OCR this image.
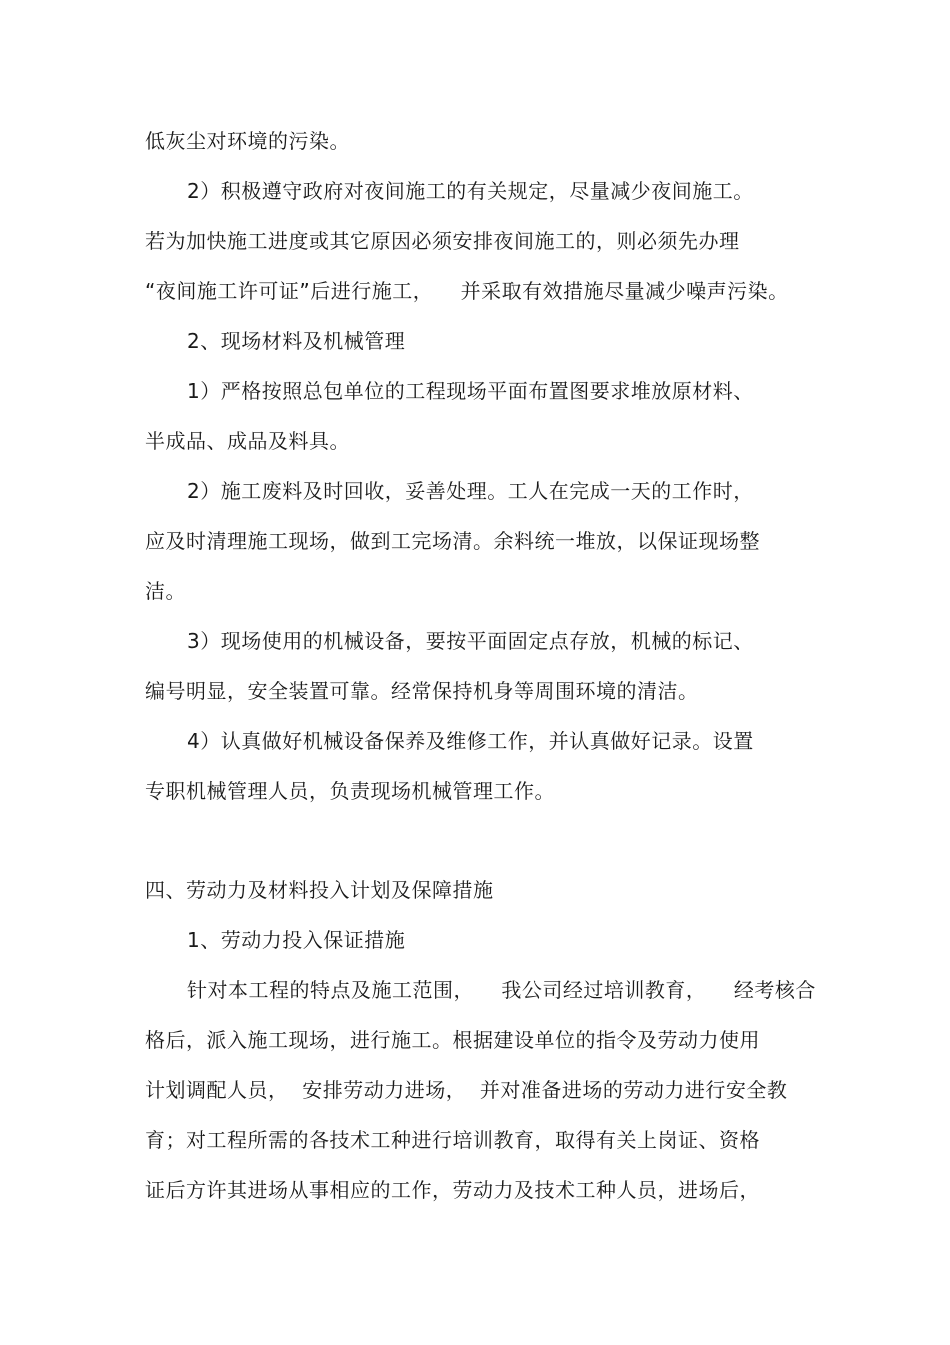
低灰尘对环境的污染。
2）积极遵守政府对夜间施工的有关规定，尽量减少夜间施工。
若为加快施工进度或其它原因必须安排夜间施工的，则必须先办理
“夜间施工许可证”后进行施工，    并采取有效措施尽量减少噪声污染。
2、现场材料及机械管理
1）严格按照总包单位的工程现场平面布置图要求堆放原材料、
半成品、成品及料具。
2）施工废料及时回收，妥善处理。工人在完成一天的工作时，
应及时清理施工现场，做到工完场清。余料统一堆放，以保证现场整
洁。
3）现场使用的机械设备，要按平面固定点存放，机械的标记、
编号明显，安全装置可靠。经常保持机身等周围环境的清洁。
4）认真做好机械设备保养及维修工作，并认真做好记录。设置
专职机械管理人员，负责现场机械管理工作。
四、劳动力及材料投入计划及保障措施
1、劳动力投入保证措施
针对本工程的特点及施工范围，    我公司经过培训教育，    经考核合
格后，派入施工现场，进行施工。根据建设单位的指令及劳动力使用
计划调配人员，  安排劳动力进场，  并对准备进场的劳动力进行安全教
育；对工程所需的各技术工种进行培训教育，取得有关上岗证、资格
证后方许其进场从事相应的工作，劳动力及技术工种人员，进场后，
